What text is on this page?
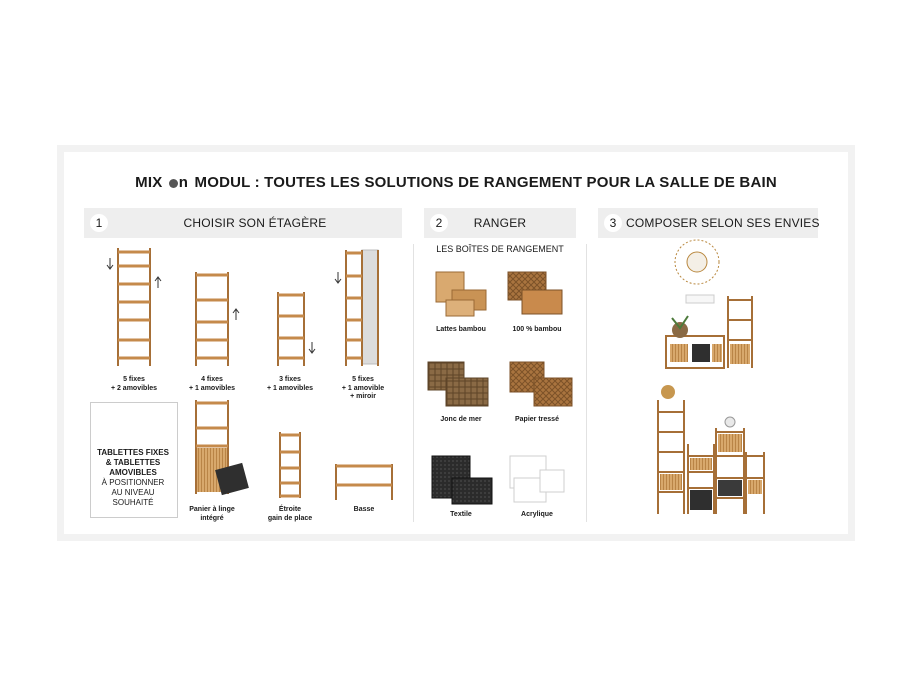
MIX n MODUL : TOUTES LES SOLUTIONS DE RANGEMENT POUR LA SALLE DE BAIN
1	CHOISIR SON ÉTAGÈRE	2	RANGER	3 COMPOSER SELON SES ENVIES
5 fixes
+ 2 amovibles
4 fixes
+ 1 amovibles
3 fixes
+ 1 amovibles
5 fixes
+ 1 amovible
+ miroir
Panier à linge
intégré
Étroite
gain de place
Basse
TABLETTES FIXES
& TABLETTES
AMOVIBLES
À POSITIONNER
AU NIVEAU
SOUHAITÉ
LES BOÎTES DE RANGEMENT
Lattes bambou	100 % bambou
Jonc de mer	Papier tressé
Textile	Acrylique
